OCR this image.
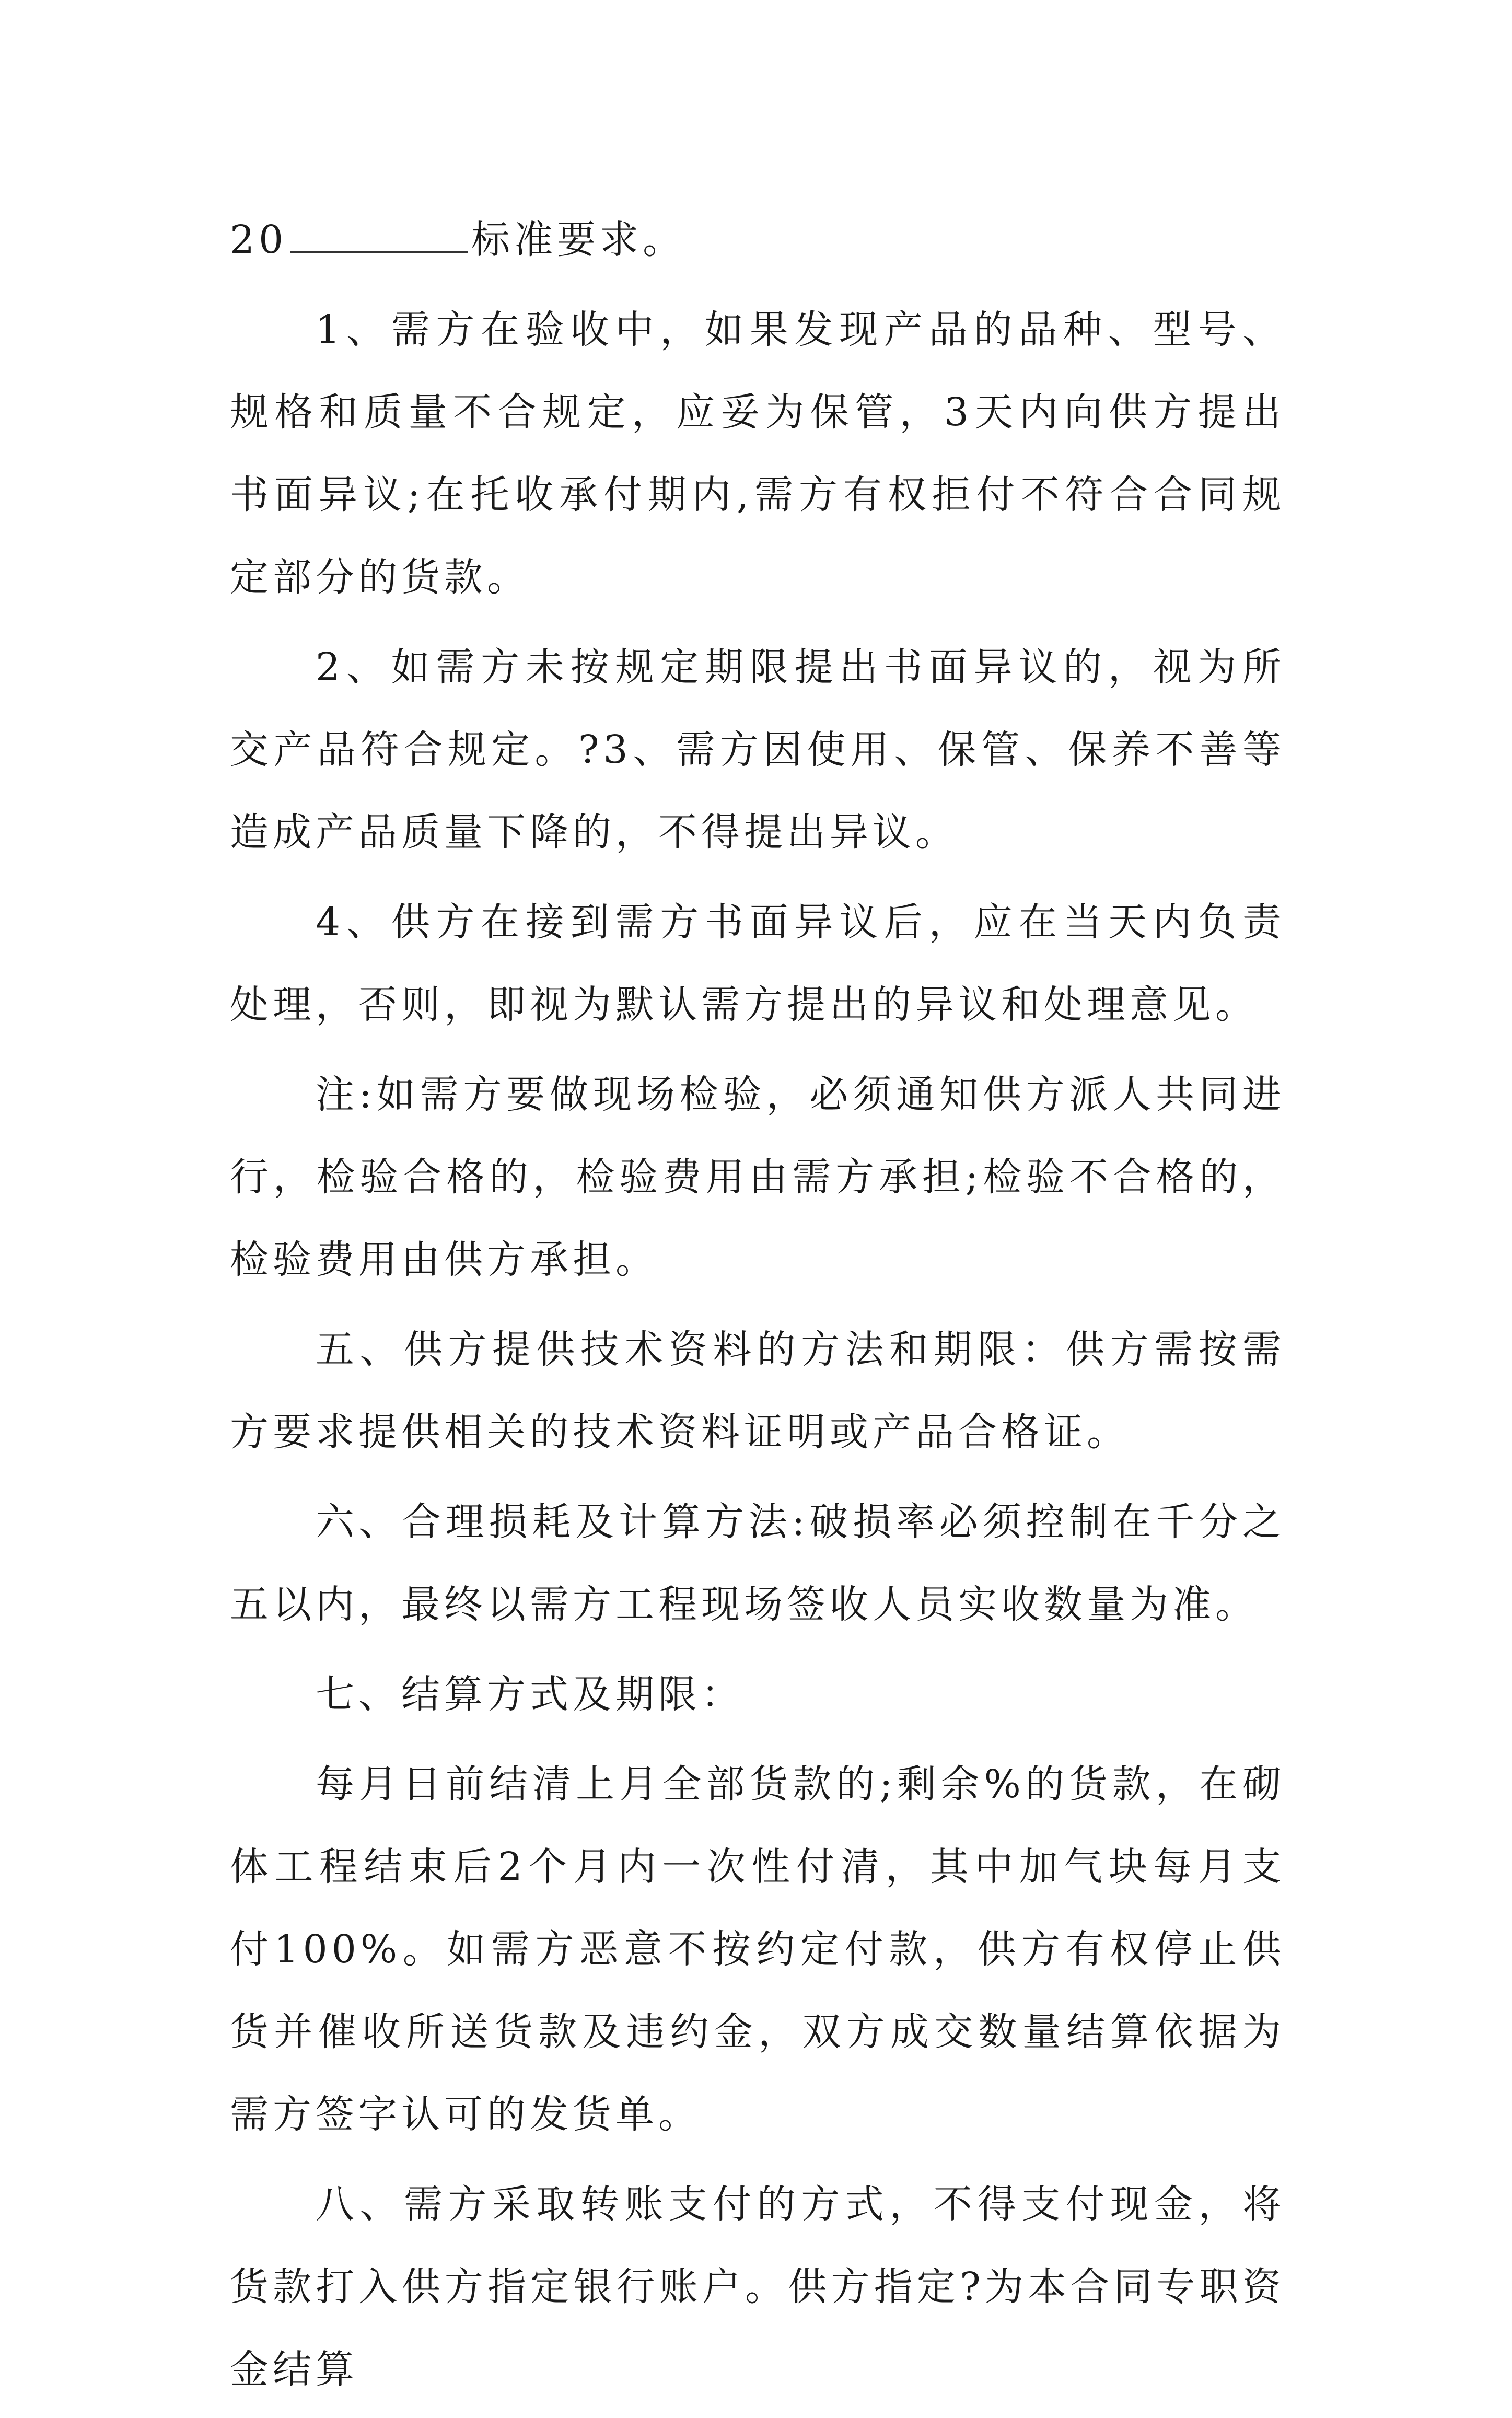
20	标准要求。

1、需方在验收中，如果发现产品的品种、型号、规格和质量不合规定，应妥为保管，3天内向供方提出书面异议;在托收承付期内,需方有权拒付不符合合同规定部分的货款。

2、如需方未按规定期限提出书面异议的，视为所交产品符合规定。?3、需方因使用、保管、保养不善等造成产品质量下降的，不得提出异议。

4、供方在接到需方书面异议后，应在当天内负责处理，否则，即视为默认需方提出的异议和处理意见。

注:如需方要做现场检验，必须通知供方派人共同进行，检验合格的，检验费用由需方承担;检验不合格的，检验费用由供方承担。

五、供方提供技术资料的方法和期限：供方需按需方要求提供相关的技术资料证明或产品合格证。

六、合理损耗及计算方法:破损率必须控制在千分之五以内，最终以需方工程现场签收人员实收数量为准。

七、结算方式及期限：

每月日前结清上月全部货款的;剩余%的货款，在砌体工程结束后2个月内一次性付清，其中加气块每月支付100%。如需方恶意不按约定付款，供方有权停止供货并催收所送货款及违约金，双方成交数量结算依据为需方签字认可的发货单。

八、需方采取转账支付的方式，不得支付现金，将货款打入供方指定银行账户。供方指定?为本合同专职资金结算
